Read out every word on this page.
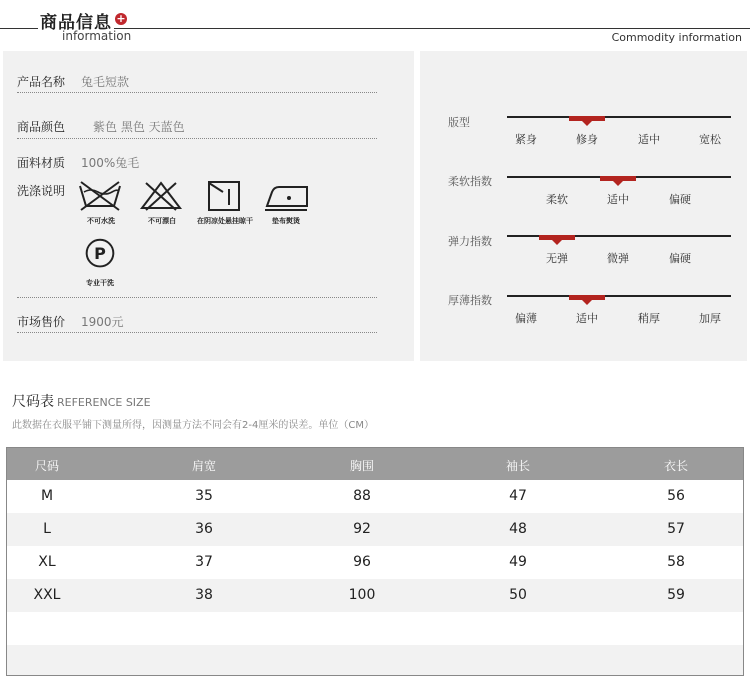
商品信息 +
information	Commodity information
产品名称 兔毛短款
商品颜色 紫色 黑色 天蓝色
面料材质 100%兔毛
洗涤说明
不可水洗	不可漂白	在阴凉处悬挂晾干	垫布熨烫
P
专业干洗
市场售价 1900元
版型
紧身	修身	适中	宽松
柔软指数
柔软	适中	偏硬
弹力指数
无弹	微弹	偏硬
厚薄指数
偏薄	适中	稍厚	加厚
尺码表 REFERENCE SIZE
此数据在衣服平铺下测量所得，因测量方法不同会有2-4厘米的误差。单位（CM）
尺码	肩宽	胸围	袖长	衣长
M	35	88	47	56
L	36	92	48	57
XL	37	96	49	58
XXL	38	100	50	59
